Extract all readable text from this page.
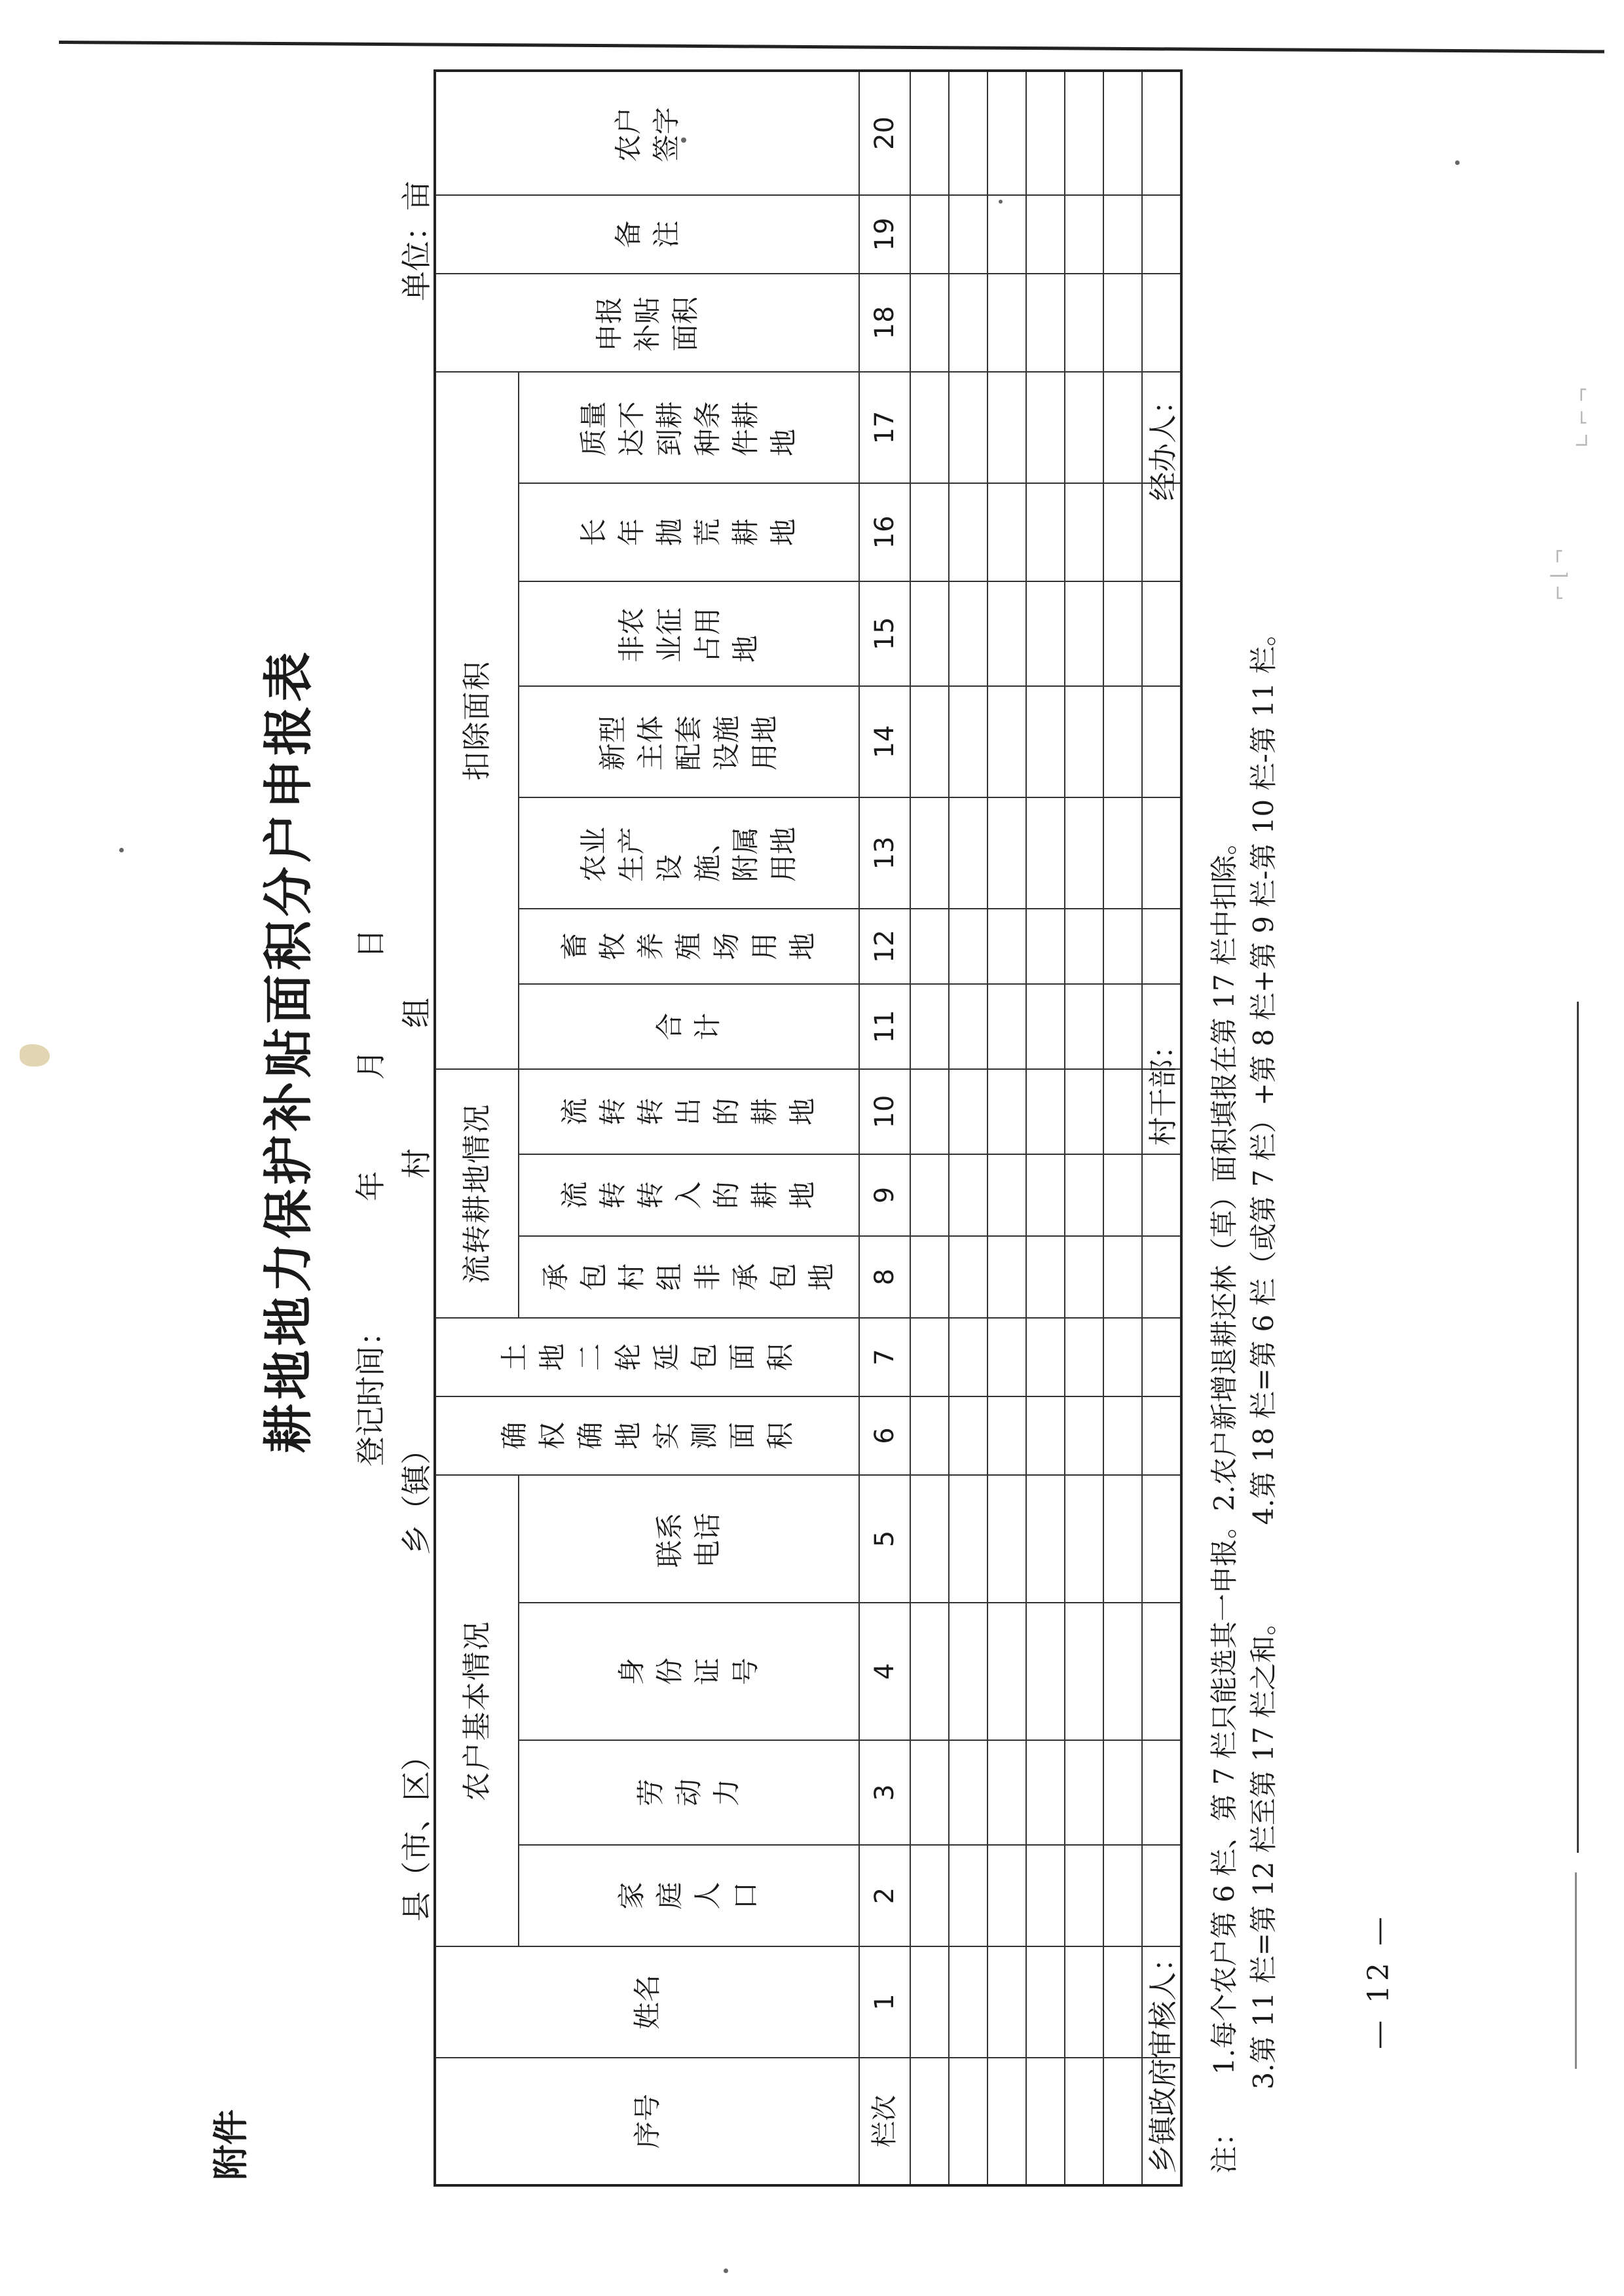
∟ ⌐ ¬
⌐ ⌊ ¬
附件
耕地地力保护补贴面积分户申报表 登记时间：  年  月  日
县（市、区）
乡（镇）
村
组
单位：亩
序号	姓名	农户基本情况				确权确地实测面积	土地二轮延包面积	流转耕地情况			扣除面积							申报补贴面积	备注	农户签字
		家庭人口	劳动力	身份证号	联系电话			承包村组非承包地	流转转入的耕地	流转转出的耕地	合计	畜牧养殖场用地	农业生产设施、附属用地	新型主体配套设施用地	非农业征占用地	长年抛荒耕地	质量达不到耕种条件耕地			
栏次	1	2	3	4	5	6	7	8	9	10	11	12	13	14	15	16	17	18	19	20

乡镇政府审核人：
村干部：
经办人：
注：  1.每个农户第 6 栏、第 7 栏只能选其一申报。2.农户新增退耕还林（草）面积填报在第 17 栏中扣除。 3.第 11 栏=第 12 栏至第 17 栏之和。  4.第 18 栏=第 6 栏（或第 7 栏）+第 8 栏+第 9 栏-第 10 栏-第 11 栏。
— 12 —
